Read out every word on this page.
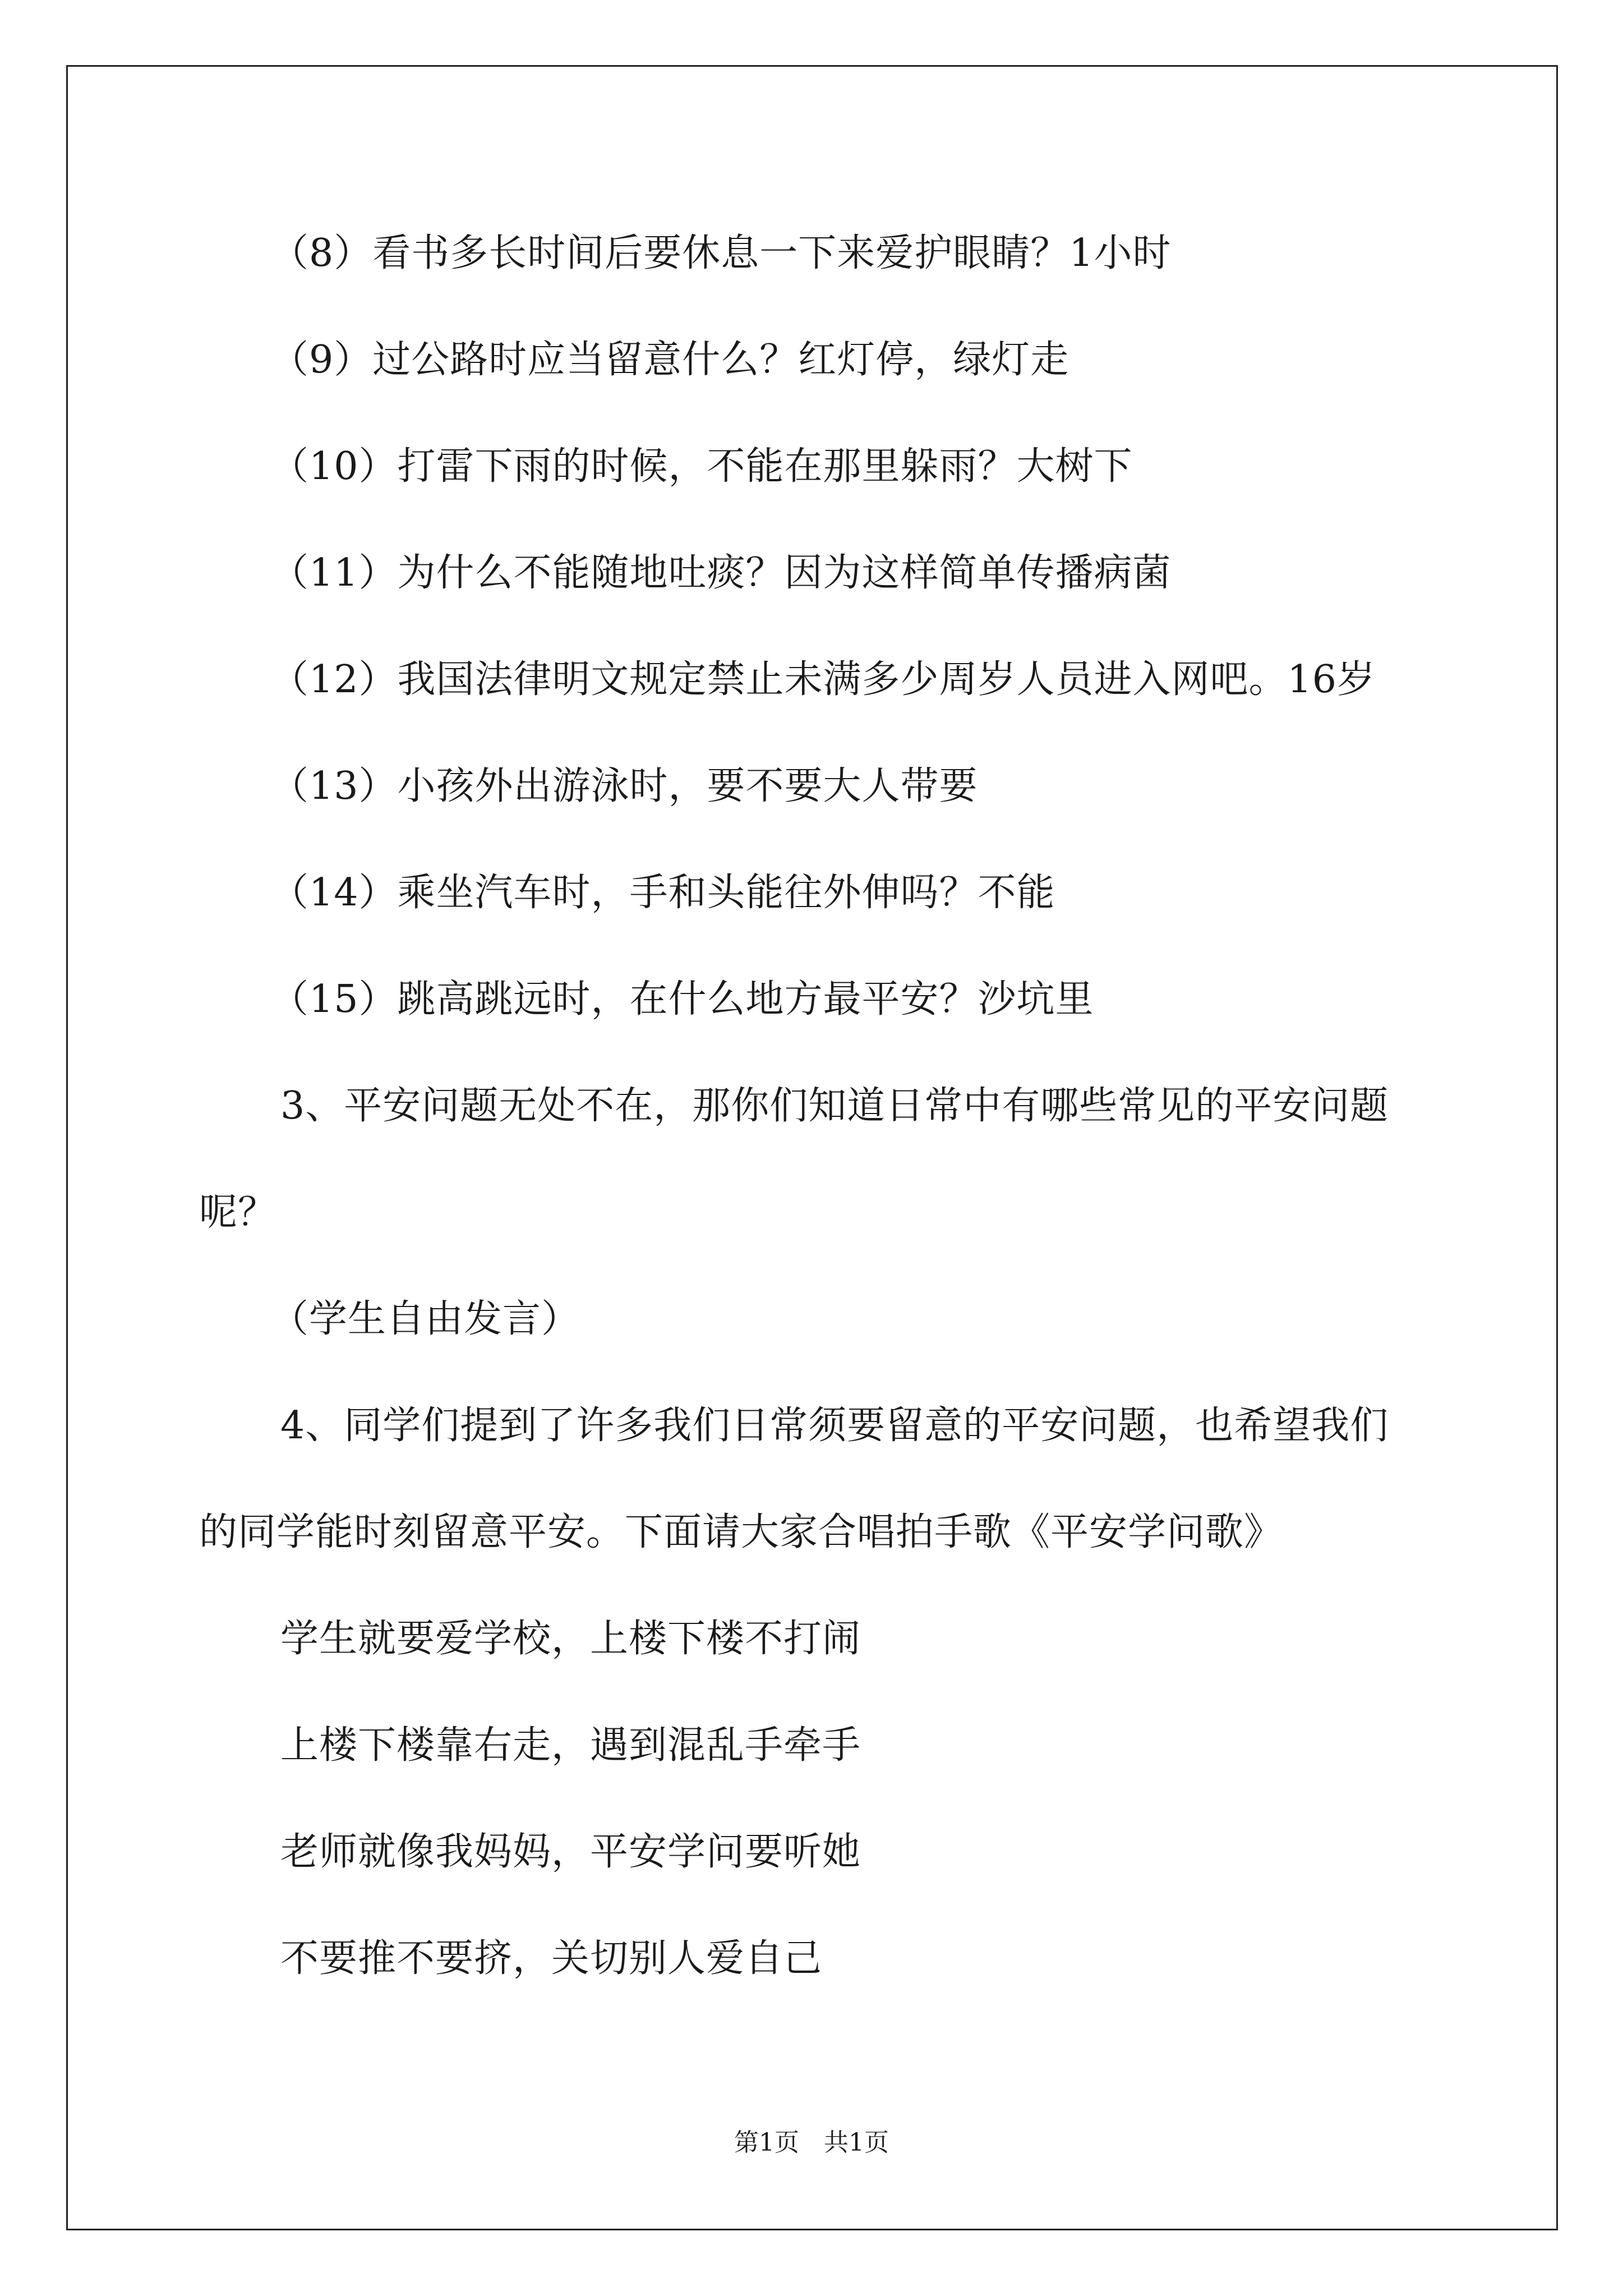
（8）看书多长时间后要休息一下来爱护眼睛？1小时
（9）过公路时应当留意什么？红灯停，绿灯走
（10）打雷下雨的时候，不能在那里躲雨？大树下
（11）为什么不能随地吐痰？因为这样简单传播病菌
（12）我国法律明文规定禁止未满多少周岁人员进入网吧。16岁
（13）小孩外出游泳时，要不要大人带要
（14）乘坐汽车时，手和头能往外伸吗？不能
（15）跳高跳远时，在什么地方最平安？沙坑里
3、平安问题无处不在，那你们知道日常中有哪些常见的平安问题
呢？
（学生自由发言）
4、同学们提到了许多我们日常须要留意的平安问题，也希望我们
的同学能时刻留意平安。下面请大家合唱拍手歌《平安学问歌》
学生就要爱学校，上楼下楼不打闹
上楼下楼靠右走，遇到混乱手牵手
老师就像我妈妈，平安学问要听她
不要推不要挤，关切别人爱自己
第1页 共1页
